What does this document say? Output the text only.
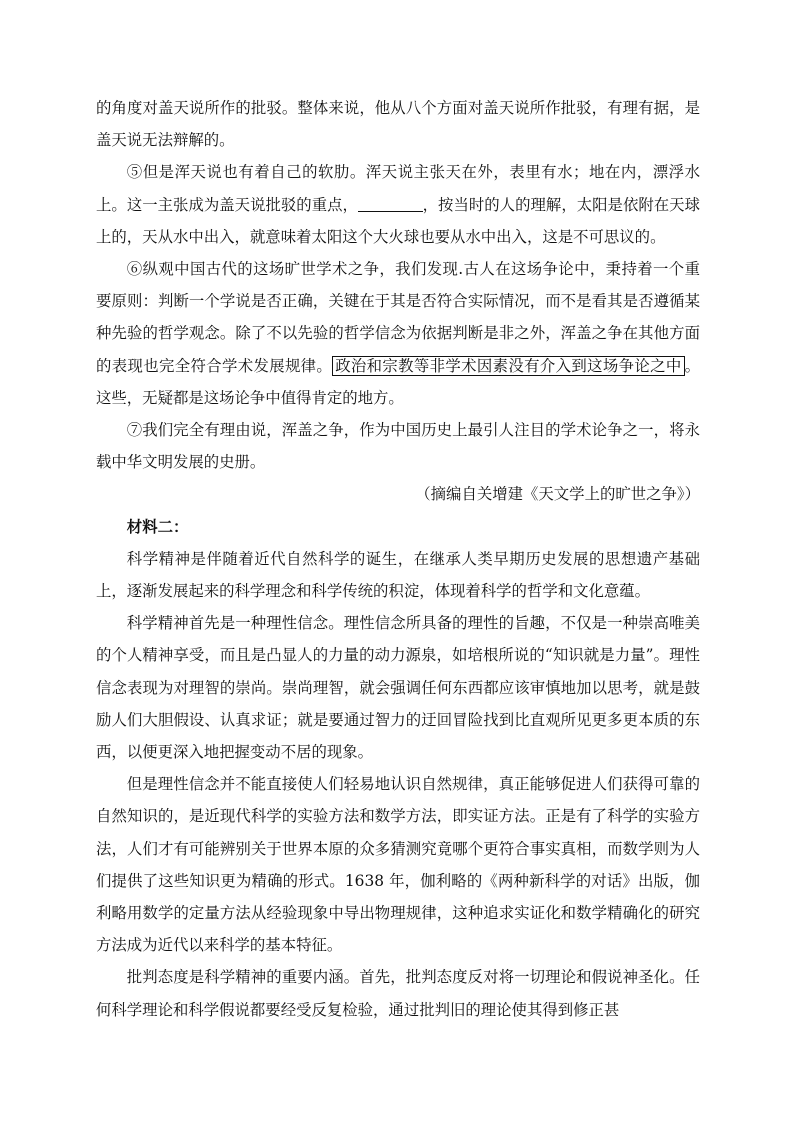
的角度对盖天说所作的批驳。整体来说，他从八个方面对盖天说所作批驳，有理有据，是盖天说无法辩解的。

⑤但是浑天说也有着自己的软肋。浑天说主张天在外，表里有水；地在内，漂浮水上。这一主张成为盖天说批驳的重点，	，按当时的人的理解，太阳是依附在天球上的，天从水中出入，就意味着太阳这个大火球也要从水中出入，这是不可思议的。

⑥纵观中国古代的这场旷世学术之争，我们发现.古人在这场争论中，秉持着一个重要原则：判断一个学说是否正确，关键在于其是否符合实际情况，而不是看其是否遵循某种先验的哲学观念。除了不以先验的哲学信念为依据判断是非之外，浑盖之争在其他方面的表现也完全符合学术发展规律。 政治和宗教等非学术因素没有介入到这场争论之中 。这些，无疑都是这场论争中值得肯定的地方。

⑦我们完全有理由说，浑盖之争，作为中国历史上最引人注目的学术论争之一，将永载中华文明发展的史册。

（摘编自关增建《天文学上的旷世之争》）

材料二：

科学精神是伴随着近代自然科学的诞生，在继承人类早期历史发展的思想遗产基础上，逐渐发展起来的科学理念和科学传统的积淀，体现着科学的哲学和文化意蕴。

科学精神首先是一种理性信念。理性信念所具备的理性的旨趣，不仅是一种崇高唯美的个人精神享受，而且是凸显人的力量的动力源泉，如培根所说的“知识就是力量”。理性信念表现为对理智的崇尚。崇尚理智，就会强调任何东西都应该审慎地加以思考，就是鼓励人们大胆假设、认真求证；就是要通过智力的迂回冒险找到比直观所见更多更本质的东西，以便更深入地把握变动不居的现象。

但是理性信念并不能直接使人们轻易地认识自然规律，真正能够促进人们获得可靠的自然知识的，是近现代科学的实验方法和数学方法，即实证方法。正是有了科学的实验方法，人们才有可能辨别关于世界本原的众多猜测究竟哪个更符合事实真相，而数学则为人们提供了这些知识更为精确的形式。1638 年，伽利略的《两种新科学的对话》出版，伽利略用数学的定量方法从经验现象中导出物理规律，这种追求实证化和数学精确化的研究方法成为近代以来科学的基本特征。

批判态度是科学精神的重要内涵。首先，批判态度反对将一切理论和假说神圣化。任何科学理论和科学假说都要经受反复检验，通过批判旧的理论使其得到修正甚
